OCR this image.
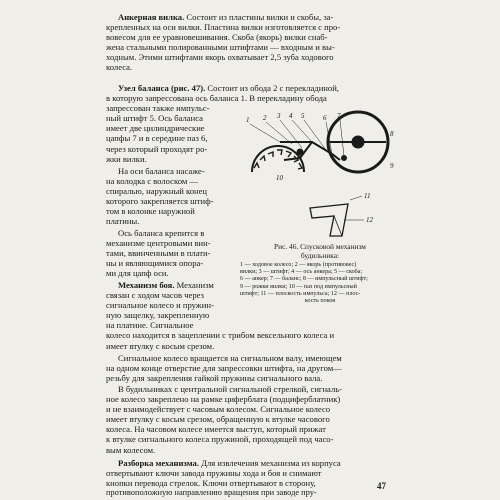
Анкерная вилка. Состоит из пластины вилки и скобы, за-
крепленных на оси вилки. Пластина вилки изготовляется с про-
вовесом для ее уравновешивания. Скоба (якорь) вилки снаб-
жена стальными полированными штифтами — входным и вы-
ходным. Этими штифтами якорь охватывает 2,5 зуба ходового
колеса.
Узел баланса (рис. 47). Состоит из обода 2 с перекладиной,
в которую запрессована ось баланса 1. В перекладину обода
запрессован также импульс-
ный штифт 5. Ось баланса
имеет две цилиндрические
цапфы 7 и в середине паз 6,
через который проходят ро-
жки вилки.
На оси баланса насаже-
на колодка с волоском —
спиралью, наружный конец
которого закрепляется штиф-
том в колонке наружной
платины.
Ось баланса крепится в
механизме центровыми вин-
тами, ввинченными в плати-
ны и являющимися опора-
ми для цапф оси.
Механизм боя. Механизм
связан с ходом часов через
сигнальное колесо и пружин-
ную защелку, закрепленную
на платине. Сигнальное
колесо находится в зацеплении с трибом вексельного колеса и
имеет втулку с косым срезом.
Сигнальное колесо вращается на сигнальном валу, имеющем
на одном конце отверстие для запрессовки штифта, на другом—
резьбу для закрепления гайкой пружины сигнального вала.
В будильниках с центральной сигнальной стрелкой, сигналь-
ное колесо закреплено на рамке циферблата (подциферблатник)
и не взаимодействует с часовым колесом. Сигнальное колесо
имеет втулку с косым срезом, обращенную к втулке часового
колеса. На часовом колесе имеется выступ, который прижат
к втулке сигнального колеса пружиной, проходящей под часо-
вым колесом.
Разборка механизма. Для извлечения механизма из корпуса
отвертывают ключи завода пружины хода и боя и снимают
кнопки перевода стрелок. Ключи отвертывают в сторону,
противоположную направлению вращения при заводе пру-
1 2 3 4 5	6 7
8
9
10
11
12
Рис. 46. Спусковой механизм
будильника:
1 — ходовое колесо; 2 — якорь (противовес)
вилки; 3 — штифт; 4 — ось анкера; 5 — скоба;
6 — анкер; 7 — баланс; 8 — импульсный штифт;
9 — рожки вилки; 10 — паз под импульсный
штифт; 11 — плоскость импульса; 12 — плос-
кость покоя
47
